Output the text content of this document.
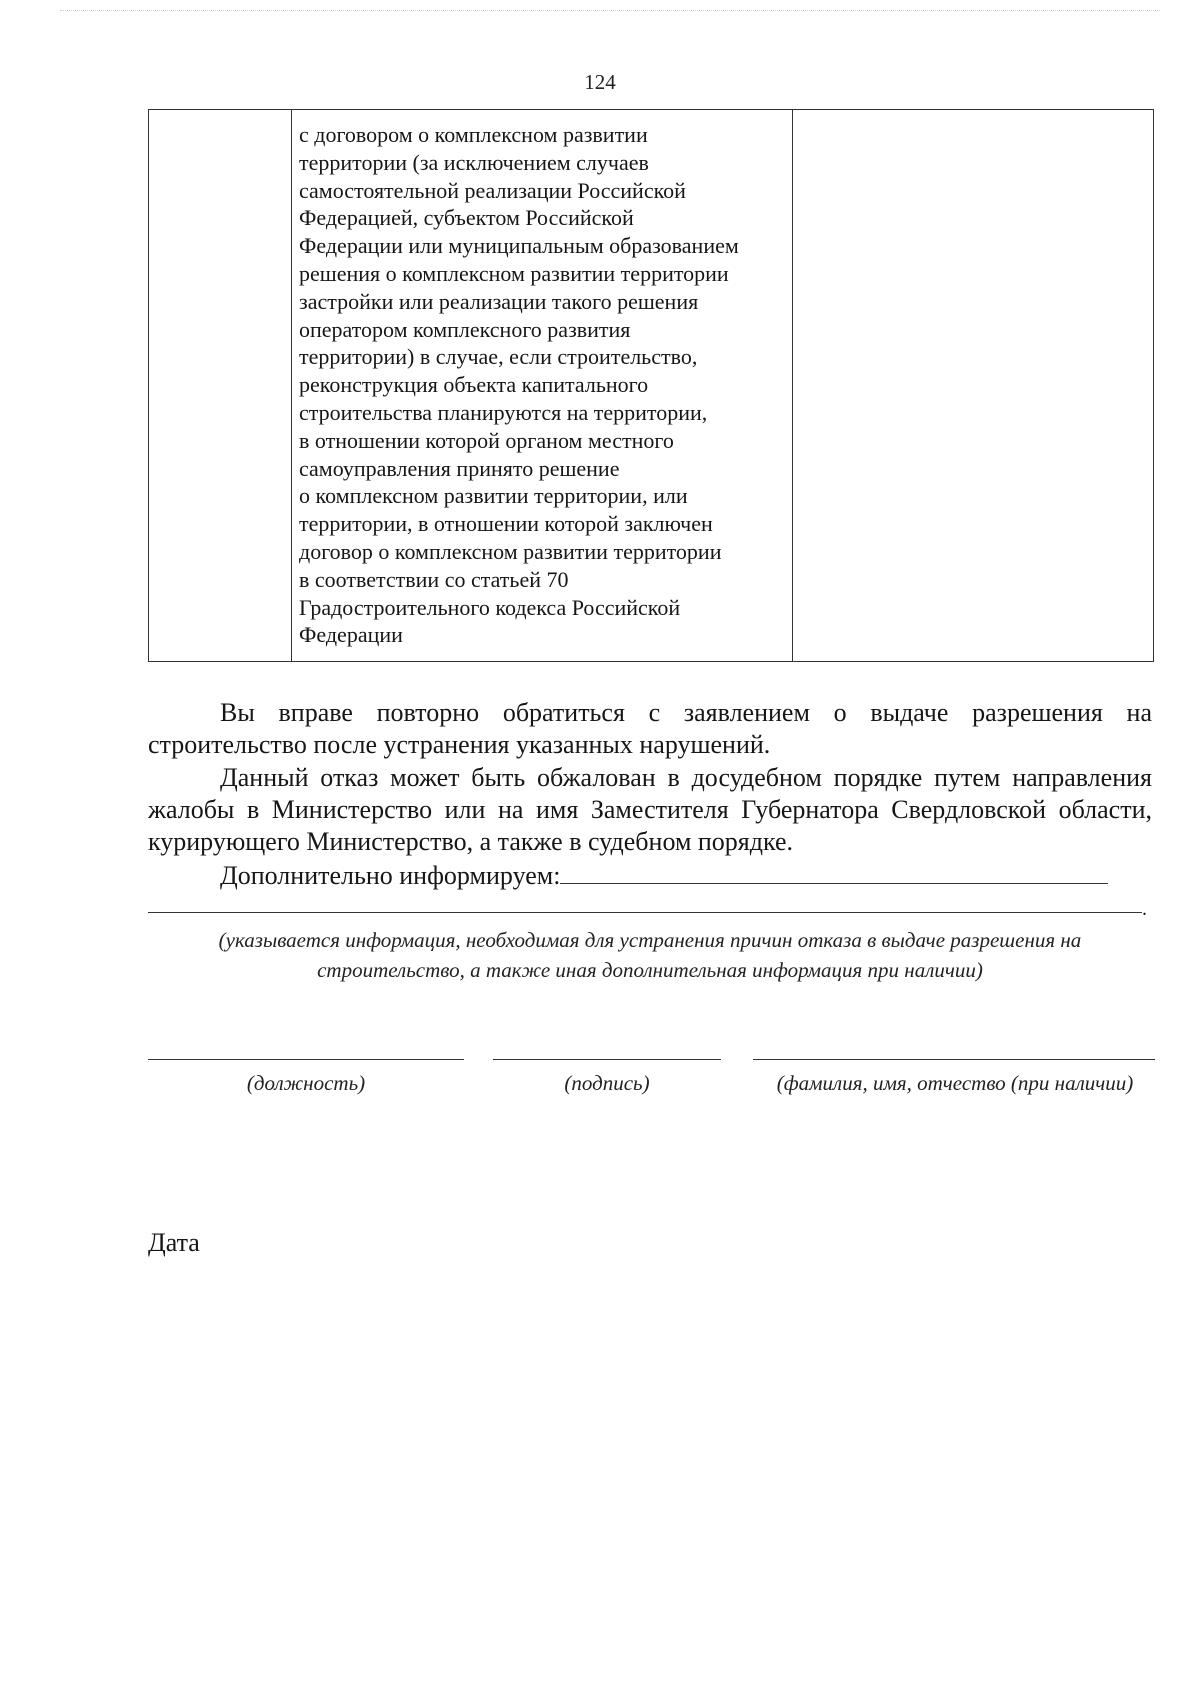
124
с договором о комплексном развитии
территории (за исключением случаев
самостоятельной реализации Российской
Федерацией, субъектом Российской
Федерации или муниципальным образованием
решения о комплексном развитии территории
застройки или реализации такого решения
оператором комплексного развития
территории) в случае, если строительство,
реконструкция объекта капитального
строительства планируются на территории,
в отношении которой органом местного
самоуправления принято решение
о комплексном развитии территории, или
территории, в отношении которой заключен
договор о комплексном развитии территории
в соответствии со статьей 70
Градостроительного кодекса Российской
Федерации
Вы вправе повторно обратиться с заявлением о выдаче разрешения на строительство после устранения указанных нарушений.
Данный отказ может быть обжалован в досудебном порядке путем направления жалобы в Министерство или на имя Заместителя Губернатора Свердловской области, курирующего Министерство, а также в судебном порядке.
Дополнительно информируем:
.
(указывается информация, необходимая для устранения причин отказа в выдаче разрешения на строительство, а также иная дополнительная информация при наличии)
(должность)	(подпись)	(фамилия, имя, отчество (при наличии)
Дата
